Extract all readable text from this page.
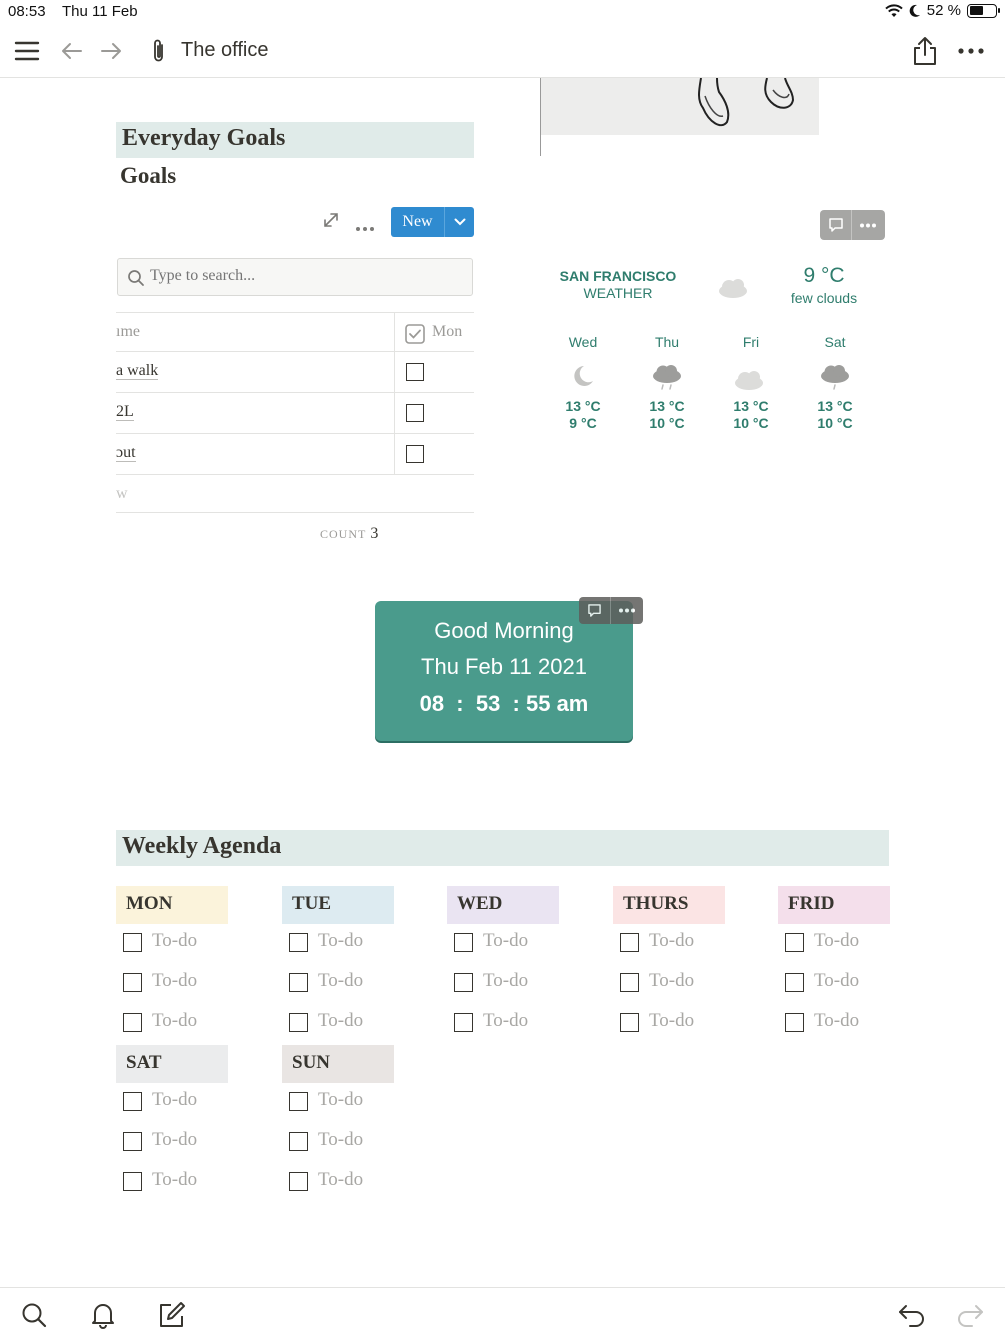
08:53 Thu 11 Feb	52 %
The office
Everyday Goals
Goals
New
Type to search...
ıme	Mon
a walk
2L
ɔut
w
COUNT 3
SAN FRANCISCO
WEATHER
9 °C
few clouds
Wed
13 °C
9 °C
Thu
13 °C
10 °C
Fri
13 °C
10 °C
Sat
13 °C
10 °C
Good Morning
Thu Feb 11 2021
08  :  53  : 55 am
Weekly Agenda
MON
To-do
To-do
To-do
TUE
To-do
To-do
To-do
WED
To-do
To-do
To-do
THURS
To-do
To-do
To-do
FRID
To-do
To-do
To-do
SAT
To-do
To-do
To-do
SUN
To-do
To-do
To-do
